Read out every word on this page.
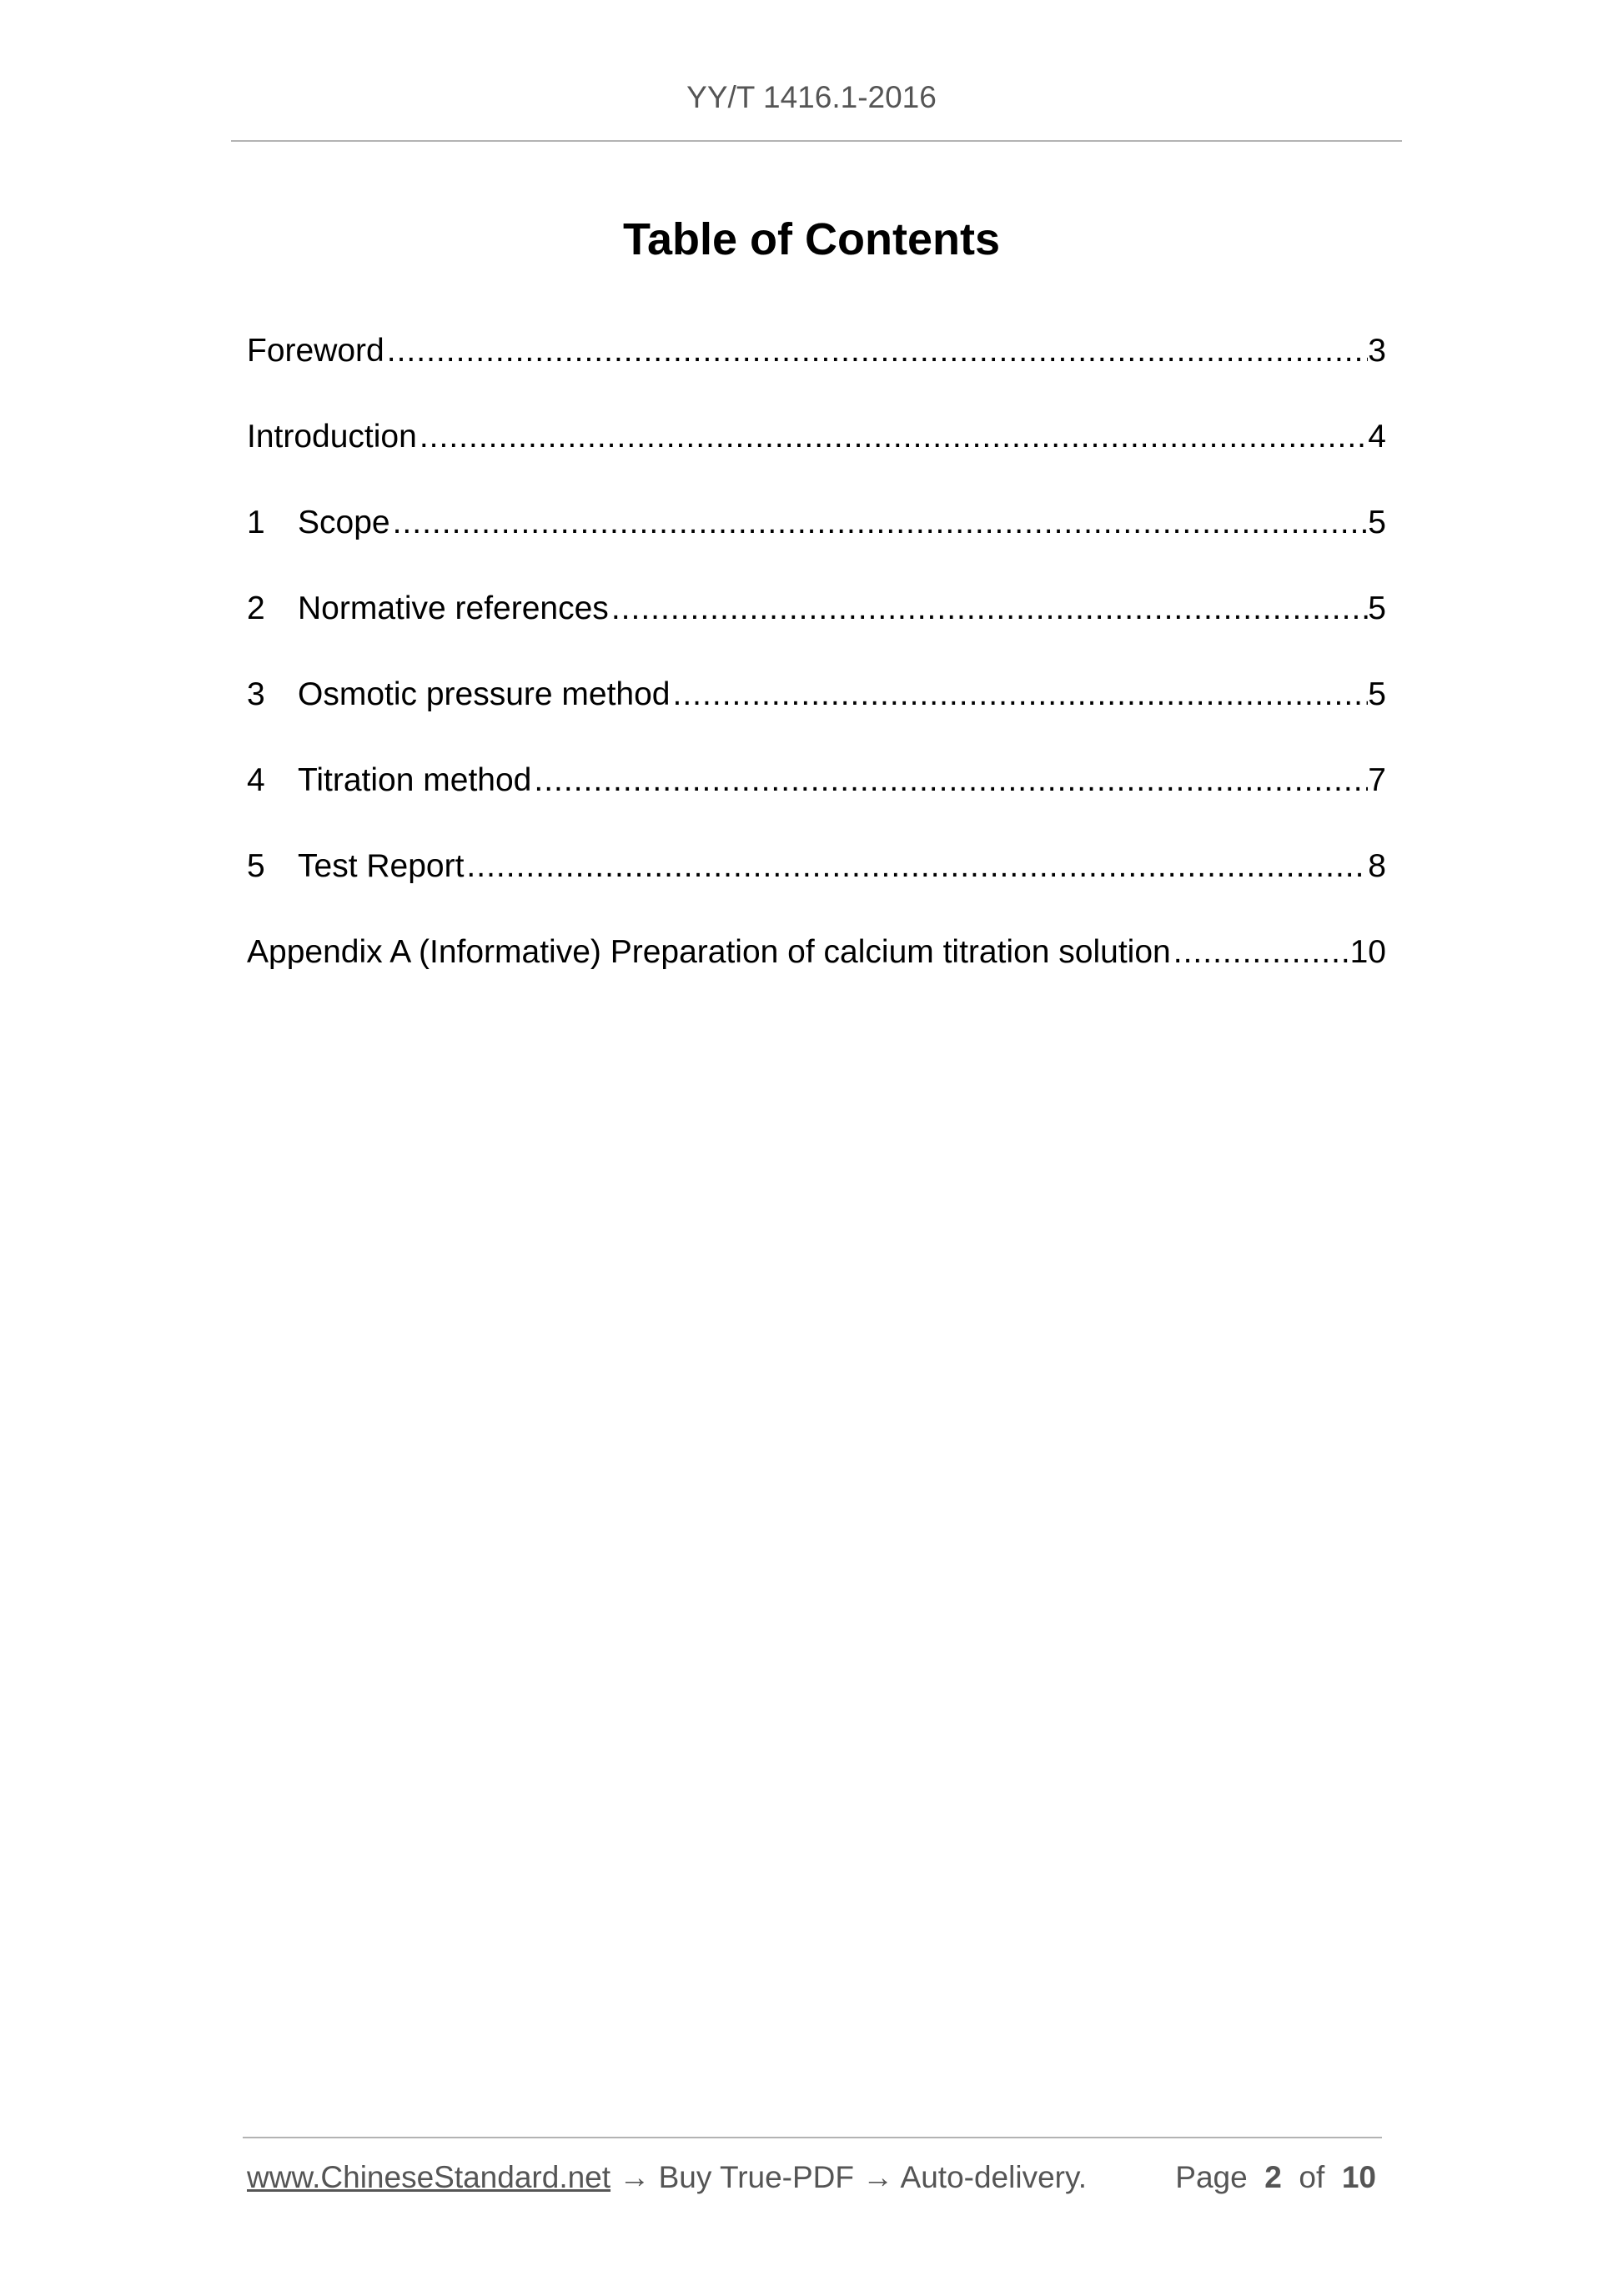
YY/T 1416.1-2016
Table of Contents
Foreword .....	3
Introduction .....	4
1	Scope .....	5
2	Normative references .....	5
3	Osmotic pressure method .....	5
4	Titration method .....	7
5	Test Report .....	8
Appendix A (Informative) Preparation of calcium titration solution .....	10
www.ChineseStandard.net → Buy True-PDF → Auto-delivery.	Page 2 of 10
